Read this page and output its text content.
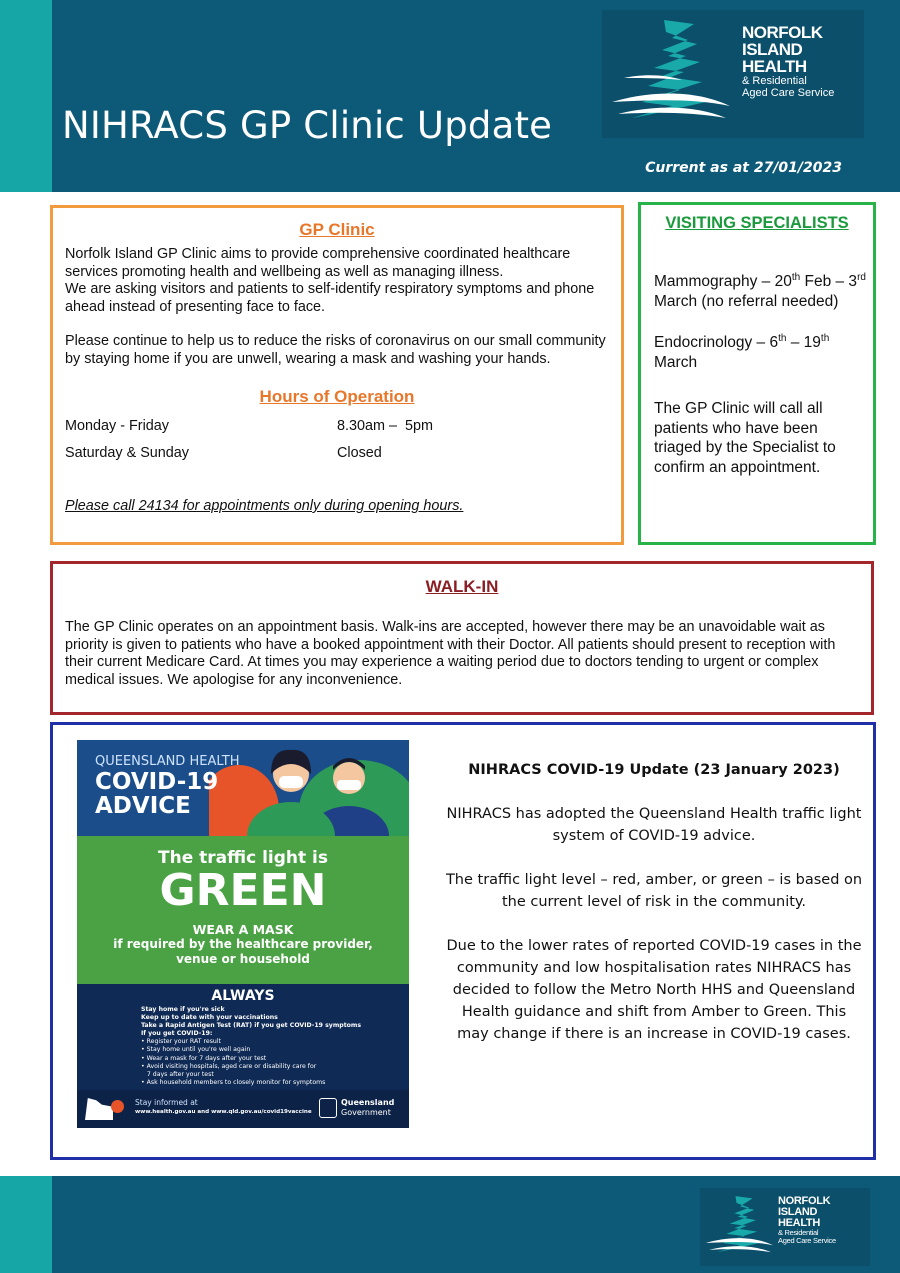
NORFOLK
ISLAND
HEALTH
& Residential
Aged Care Service
NIHRACS GP Clinic Update
Current as at 27/01/2023
GP Clinic

Norfolk Island GP Clinic aims to provide comprehensive coordinated healthcare services promoting health and wellbeing as well as managing illness.

We are asking visitors and patients to self-identify respiratory symptoms and phone ahead instead of presenting face to face.

Please continue to help us to reduce the risks of coronavirus on our small community by staying home if you are unwell, wearing a mask and washing your hands.

Hours of Operation
Monday - Friday	8.30am –  5pm
Saturday & Sunday	Closed
Please call 24134 for appointments only during opening hours.
VISITING SPECIALISTS

Mammography – 20th Feb – 3rd March (no referral needed)

Endocrinology – 6th – 19th March

The GP Clinic will call all patients who have been triaged by the Specialist to confirm an appointment.

WALK-IN

The GP Clinic operates on an appointment basis. Walk-ins are accepted, however there may be an unavoidable wait as priority is given to patients who have a booked appointment with their Doctor. All patients should present to reception with their current Medicare Card. At times you may experience a waiting period due to doctors tending to urgent or complex medical issues. We apologise for any inconvenience.

QUEENSLAND HEALTH
COVID-19
ADVICE
The traffic light is
GREEN
WEAR A MASK
if required by the healthcare provider,
venue or household
ALWAYS
Stay home if you're sick
Keep up to date with your vaccinations
Take a Rapid Antigen Test (RAT) if you get COVID-19 symptoms
If you get COVID-19:
• Register your RAT result
• Stay home until you're well again
• Wear a mask for 7 days after your test
• Avoid visiting hospitals, aged care or disability care for
7 days after your test
• Ask household members to closely monitor for symptoms
Stay informed at
www.health.gov.au and www.qld.gov.au/covid19vaccine
Queensland
Government

NIHRACS COVID-19 Update (23 January 2023)

NIHRACS has adopted the Queensland Health traffic light system of COVID-19 advice.

The traffic light level – red, amber, or green – is based on the current level of risk in the community.

Due to the lower rates of reported COVID-19 cases in the community and low hospitalisation rates NIHRACS has decided to follow the Metro North HHS and Queensland Health guidance and shift from Amber to Green. This may change if there is an increase in COVID-19 cases.

NORFOLK
ISLAND
HEALTH
& Residential
Aged Care Service
